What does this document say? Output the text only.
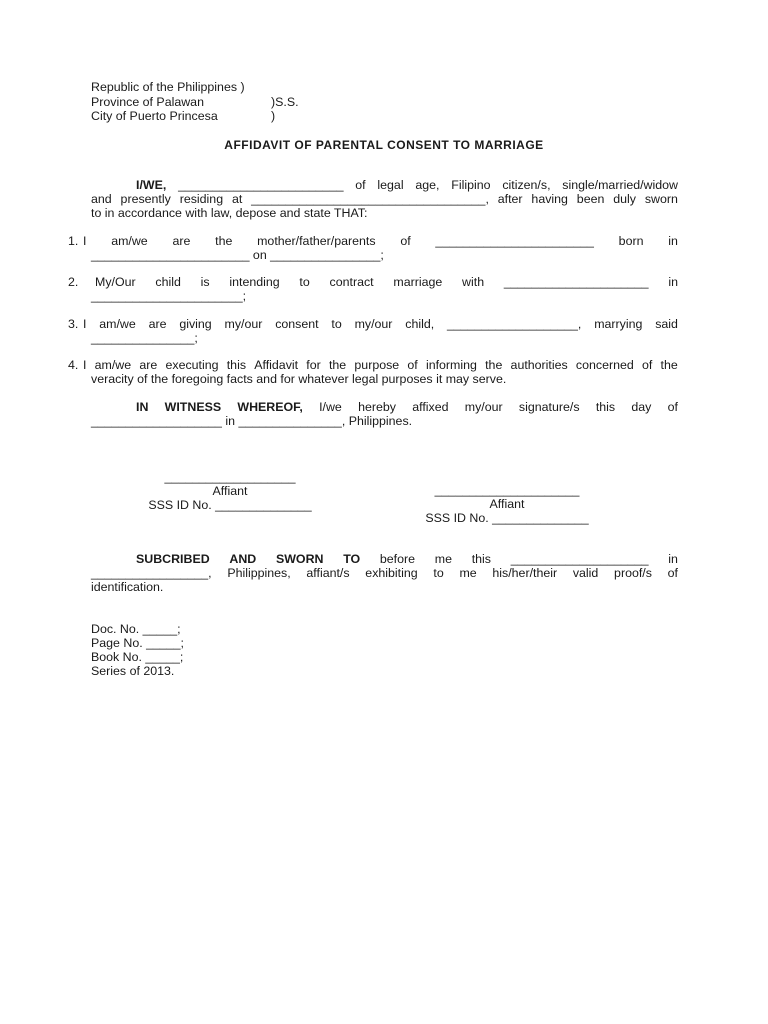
Republic of the Philippines )
Province of Palawan	)S.S.
City of Puerto Princesa	)
AFFIDAVIT OF PARENTAL CONSENT TO MARRIAGE
I/WE, ________________________ of legal age, Filipino citizen/s, single/married/widow
and presently residing at __________________________________, after having been duly sworn
to in accordance with law, depose and state THAT:
1. I am/we are the mother/father/parents of _______________________ born in
_______________________ on ________________;
2. My/Our child is intending to contract marriage with _____________________ in
______________________;
3. I am/we are giving my/our consent to my/our child, ___________________, marrying said
_______________;
4. I am/we are executing this Affidavit for the purpose of informing the authorities concerned of the
veracity of the foregoing facts and for whatever legal purposes it may serve.
IN WITNESS WHEREOF, I/we hereby affixed my/our signature/s this day of
___________________ in _______________, Philippines.
___________________
Affiant
SSS ID No. ______________
_____________________
Affiant
SSS ID No. ______________
SUBCRIBED AND SWORN TO before me this ____________________ in
_________________, Philippines, affiant/s exhibiting to me his/her/their valid proof/s of
identification.
Doc. No. _____;
Page No. _____;
Book No. _____;
Series of 2013.
